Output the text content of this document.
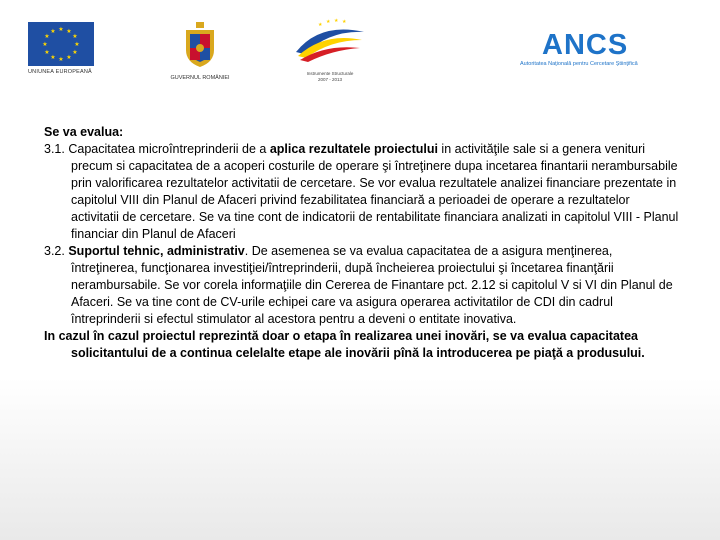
★ ★
★
★
★
★
★
★
★
★
★
★
UNIUNEA EUROPEANĂ
GUVERNUL ROMÂNIEI
★ ★ ★ ★
Instrumente Structurale
2007 - 2013
ANCS
Autoritatea Naţională pentru Cercetare Ştiinţifică

Se va evalua:

3.1. Capacitatea microîntreprinderii de a aplica rezultatele proiectului in activităţile sale si a genera venituri precum si capacitatea de a acoperi costurile de operare şi întreţinere dupa incetarea finantarii nerambursabile prin valorificarea rezultatelor activitatii de cercetare. Se vor evalua rezultatele analizei financiare prezentate in capitolul VIII din Planul de Afaceri privind fezabilitatea financiară a perioadei de operare a rezultatelor activitatii de cercetare. Se va tine cont de indicatorii de rentabilitate financiara analizati in capitolul VIII - Planul financiar din Planul de Afaceri

3.2. Suportul tehnic, administrativ. De asemenea se va evalua capacitatea de a asigura menţinerea, întreţinerea, funcţionarea investiţiei/întreprinderii, după încheierea proiectului şi încetarea finanţării nerambursabile. Se vor corela informaţiile din Cererea de Finantare pct. 2.12 si capitolul V si VI din Planul de Afaceri. Se va tine cont de CV-urile echipei care va asigura operarea activitatilor de CDI din cadrul întreprinderii si efectul stimulator al acestora pentru a deveni o entitate inovativa.

In cazul în cazul proiectul reprezintă doar o etapa în realizarea unei inovări, se va evalua capacitatea solicitantului de a continua celelalte etape ale inovării pînă la introducerea pe piaţă a produsului.
